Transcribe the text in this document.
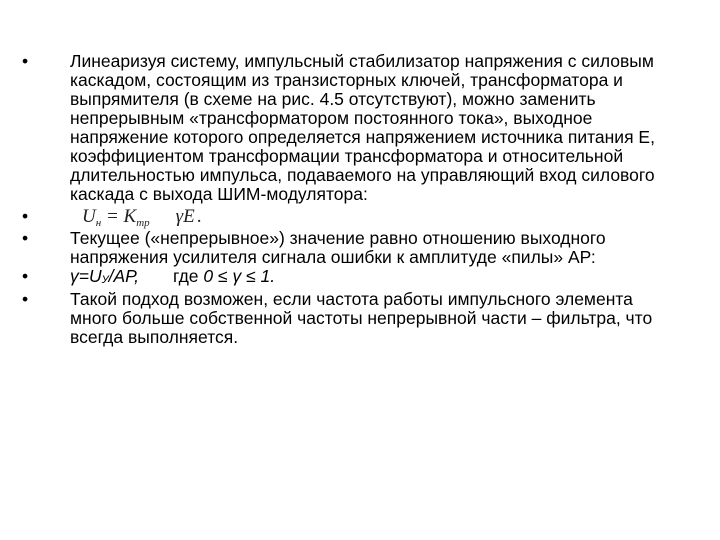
•	Линеаризуя систему, импульсный стабилизатор напряжения с силовым каскадом, состоящим из транзисторных ключей, трансформатора и выпрямителя (в схеме на рис. 4.5 отсутствуют), можно заменить непрерывным «трансформатором постоянного тока», выходное напряжение которого определяется напряжением источника питания Е, коэффициентом трансформации трансформатора и относительной длительностью импульса, подаваемого на управляющий вход силового каскада с выхода ШИМ-модулятора:
•	$U_н = K_{тр}$ γE .
•	Текущее («непрерывное») значение равно отношению выходного напряжения усилителя сигнала ошибки к амплитуде «пилы» АР:
•	γ=UУ/АР, где 0 ≤ γ ≤ 1.
•	Такой подход возможен, если частота работы импульсного элемента много больше собственной частоты непрерывной части – фильтра, что всегда выполняется.
